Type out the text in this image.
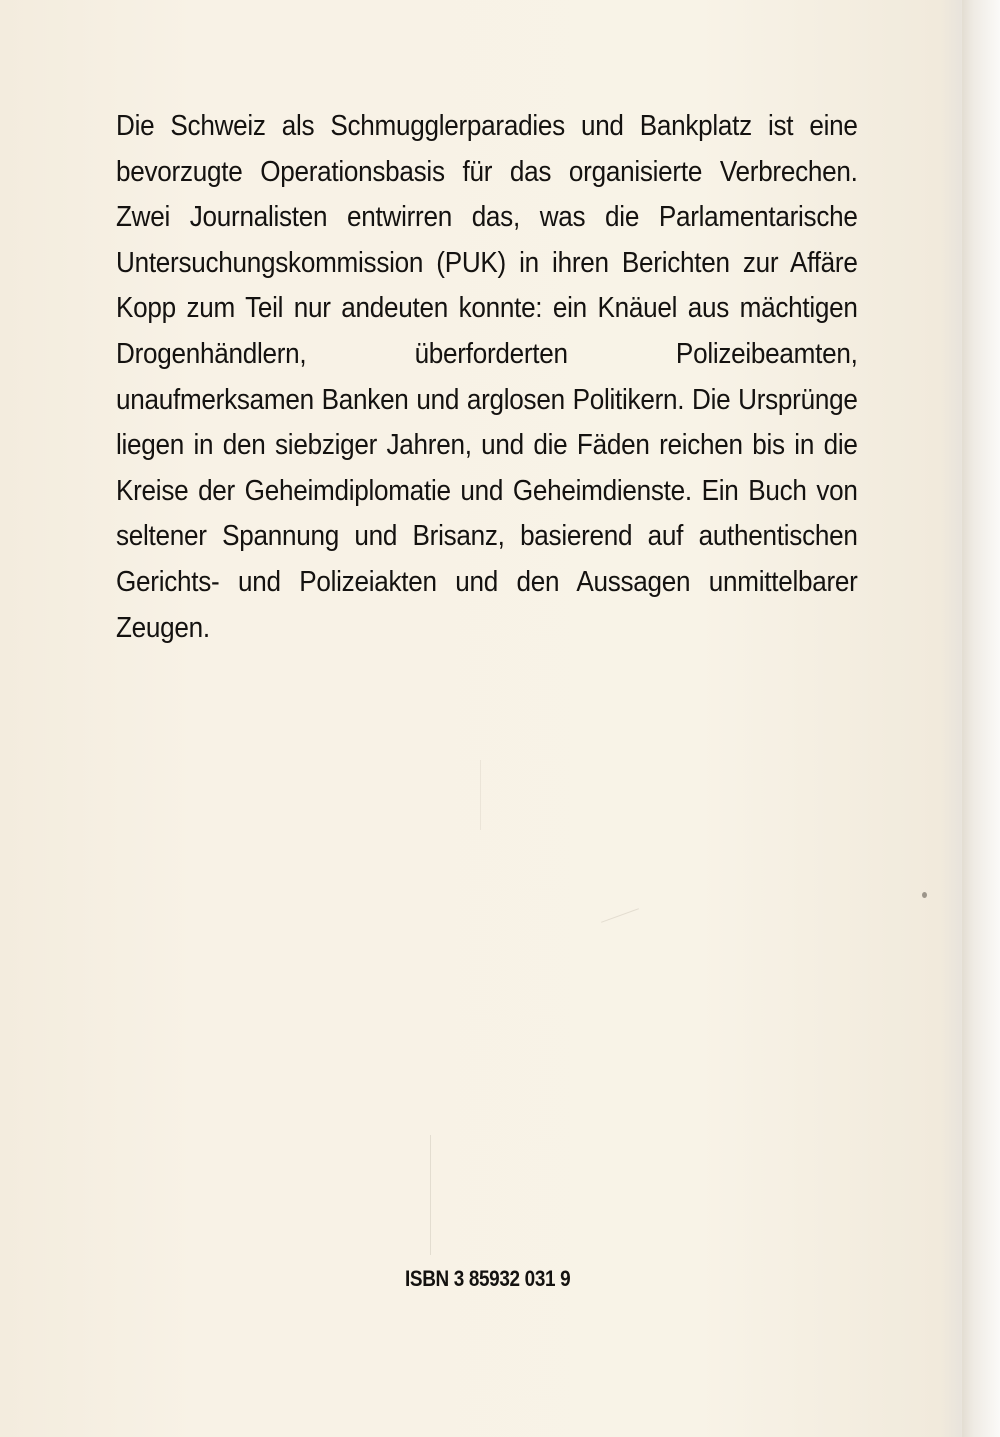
Die Schweiz als Schmugglerparadies und Bankplatz ist eine bevorzugte Operationsbasis für das organisierte Verbrechen. Zwei Journalisten entwirren das, was die Parlamentarische Untersuchungskommission (PUK) in ihren Berichten zur Affäre Kopp zum Teil nur andeuten konnte: ein Knäuel aus mächtigen Drogenhändlern, überforderten Polizeibeamten, unaufmerksamen Banken und arglosen Politikern. Die Ursprünge liegen in den siebziger Jahren, und die Fäden reichen bis in die Kreise der Geheimdiplomatie und Geheimdienste. Ein Buch von seltener Spannung und Brisanz, basierend auf authentischen Gerichts- und Polizeiakten und den Aussagen unmittelbarer Zeugen.

ISBN 3 85932 031 9
